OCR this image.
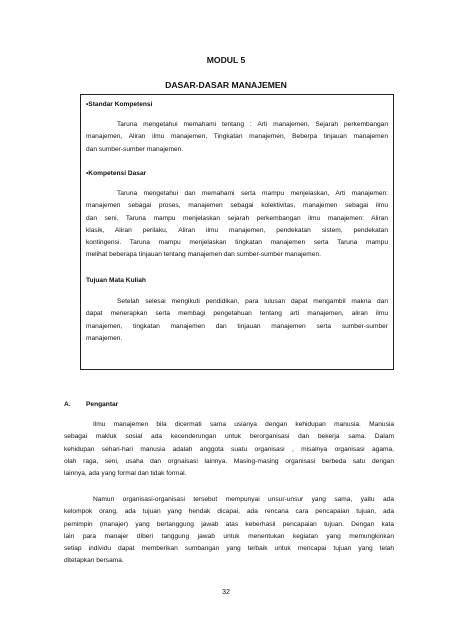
MODUL 5
DASAR-DASAR MANAJEMEN
•Standar Kompetensi
Taruna mengetahui memahami tentang : Arti manajemen, Sejarah perkembangan
manajemen, Aliran ilmu manajemen, Tingkatan manajemen, Beberpa tinjauan manajemen
dan sumber-sumber manajemen.
•Kompetensi Dasar
Taruna mengetahui dan memahami serta mampu menjelaskan, Arti manajemen:
manajemen sebagai proses, manajemen sebagai kolektivitas, manajemen sebagai ilmu
dan seni. Taruna mampu menjelaskan sejarah perkembangan ilmu manajemen: Aliran
klasik, Aliran perilaku, Aliran ilmu manajemen, pendekatan sistem, pendekatan
kontingensi. Taruna mampu menjelaskan tingkatan manajemen serta Taruna mampu
melihat beberapa tinjauan tentang manajemen dan sumber-sumber manajemen.
Tujuan Mata Kuliah
Setelah selesai mengikuti pendidikan, para lulusan dapat mengambil makna dan
dapat menerapkan serta membagi pengetahuan tentang arti manajemen, aliran ilmu
manajemen, tingkatan manajemen dan tinjauan manajemen serta sumber-sumber
manajemen.
A. Pengantar
Ilmu manajemen bila dicermati sama usianya dengan kehidupan manusia. Manusia
sebagai makluk sosial ada kecenderungan untuk berorganisasi dan bekerja sama. Dalam
kehidupan sehari-hari manusia adalah anggota suatu organisasi , misalnya organisasi agama,
olah raga, seni, usaha dan orgnaisasi lainnya. Masing-masing organisasi berbeda satu dengan
lainnya, ada yang formal dan tidak formal.
Namun organisasi-organisasi tersebut mempunyai unsur-unsur yang sama, yaitu ada
kelompok orang, ada tujuan yang hendak dicapai, ada rencana cara pencapaian tujuan, ada
pemimpin (manajer) yang bertanggung jawab atas keberhasil pencapaian tujuan. Dengan kata
lain para manajer diberi tanggung jawab untuk menentukan kegiatan yang memungkinkan
setiap individu dapat memberikan sumbangan yang terbaik untuk mencapai tujuan yang telah
ditetapkan bersama.
32
